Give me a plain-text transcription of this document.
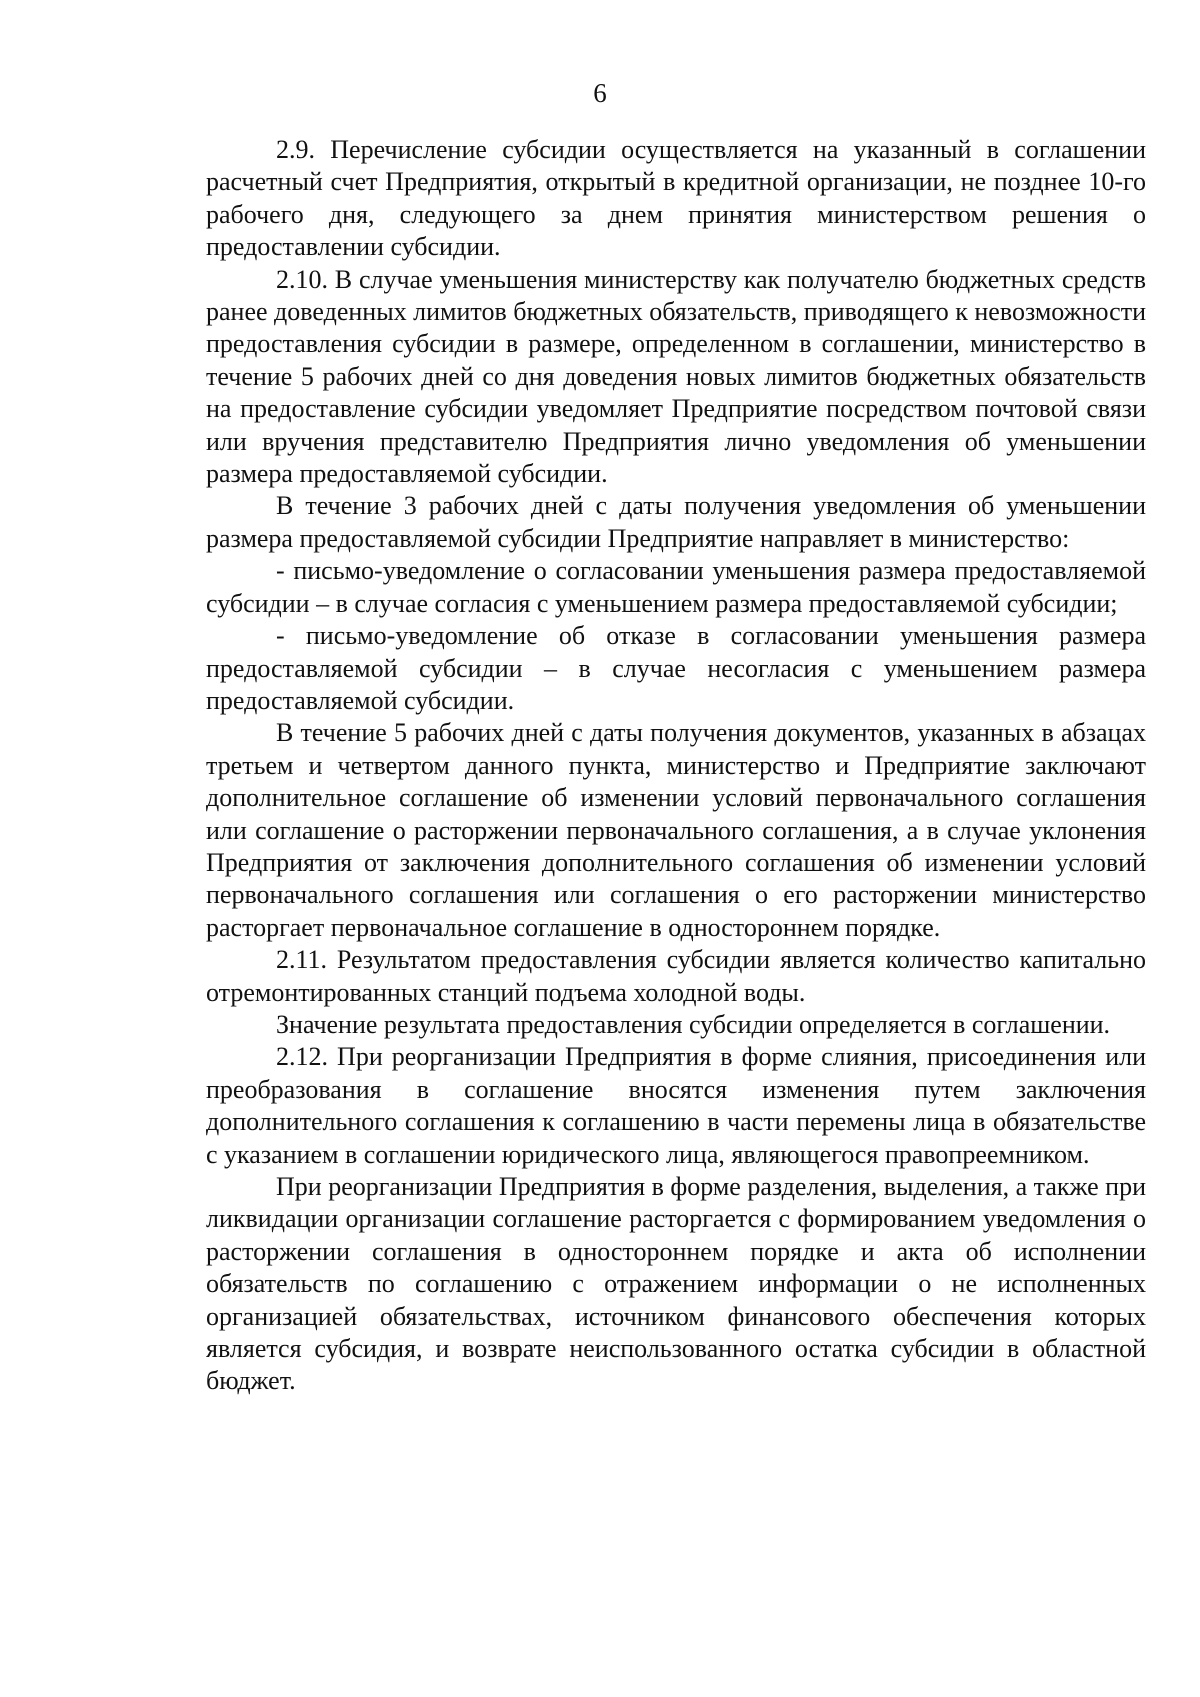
6

2.9. Перечисление субсидии осуществляется на указанный в соглашении расчетный счет Предприятия, открытый в кредитной организации, не позднее 10-го рабочего дня, следующего за днем принятия министерством решения о предоставлении субсидии.

2.10. В случае уменьшения министерству как получателю бюджетных средств ранее доведенных лимитов бюджетных обязательств, приводящего к невозможности предоставления субсидии в размере, определенном в соглашении, министерство в течение 5 рабочих дней со дня доведения новых лимитов бюджетных обязательств на предоставление субсидии уведомляет Предприятие посредством почтовой связи или вручения представителю Предприятия лично уведомления об уменьшении размера предоставляемой субсидии.

В течение 3 рабочих дней с даты получения уведомления об уменьшении размера предоставляемой субсидии Предприятие направляет в министерство:

- письмо-уведомление о согласовании уменьшения размера предоставляемой субсидии – в случае согласия с уменьшением размера предоставляемой субсидии;

- письмо-уведомление об отказе в согласовании уменьшения размера предоставляемой субсидии – в случае несогласия с уменьшением размера предоставляемой субсидии.

В течение 5 рабочих дней с даты получения документов, указанных в абзацах третьем и четвертом данного пункта, министерство и Предприятие заключают дополнительное соглашение об изменении условий первоначального соглашения или соглашение о расторжении первоначального соглашения, а в случае уклонения Предприятия от заключения дополнительного соглашения об изменении условий первоначального соглашения или соглашения о его расторжении министерство расторгает первоначальное соглашение в одностороннем порядке.

2.11. Результатом предоставления субсидии является количество капитально отремонтированных станций подъема холодной воды.

Значение результата предоставления субсидии определяется в соглашении.

2.12. При реорганизации Предприятия в форме слияния, присоединения или преобразования в соглашение вносятся изменения путем заключения дополнительного соглашения к соглашению в части перемены лица в обязательстве с указанием в соглашении юридического лица, являющегося правопреемником.

При реорганизации Предприятия в форме разделения, выделения, а также при ликвидации организации соглашение расторгается с формированием уведомления о расторжении соглашения в одностороннем порядке и акта об исполнении обязательств по соглашению с отражением информации о не исполненных организацией обязательствах, источником финансового обеспечения которых является субсидия, и возврате неиспользованного остатка субсидии в областной бюджет.
